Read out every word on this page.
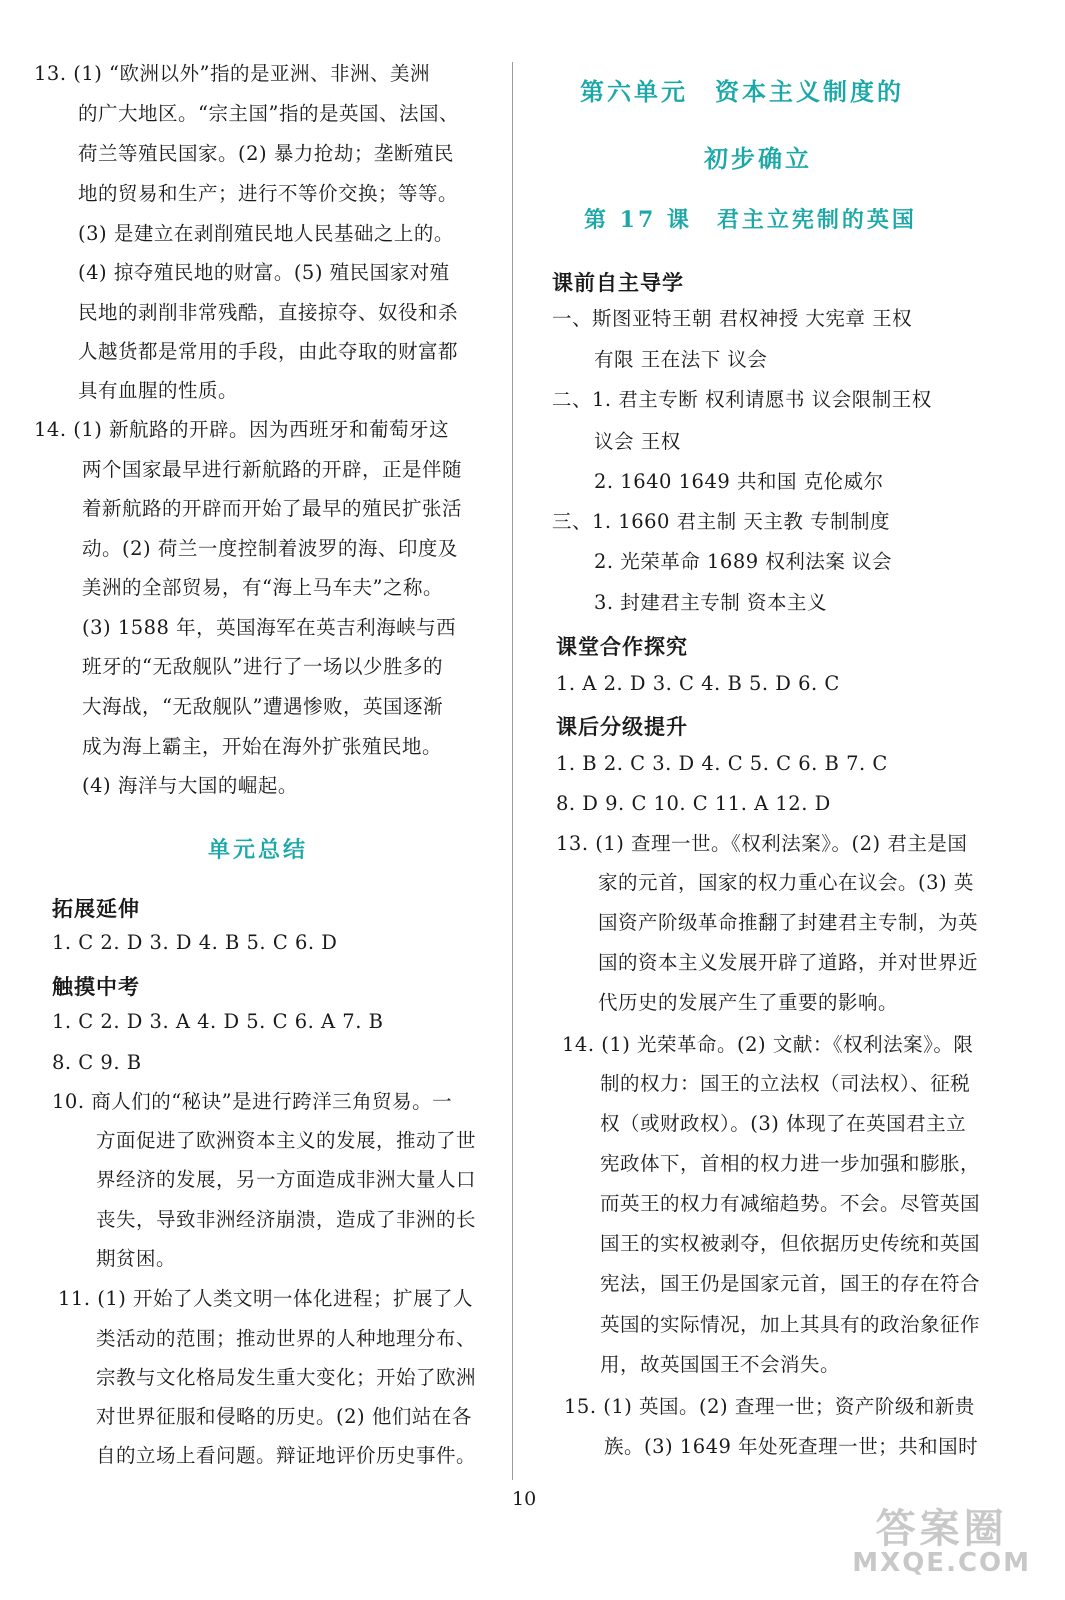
10
答案圈
MXQE.COM
13. (1) “欧洲以外”指的是亚洲、非洲、美洲
的广大地区。“宗主国”指的是英国、法国、
荷兰等殖民国家。(2) 暴力抢劫；垄断殖民
地的贸易和生产；进行不等价交换；等等。
(3) 是建立在剥削殖民地人民基础之上的。
(4) 掠夺殖民地的财富。(5) 殖民国家对殖
民地的剥削非常残酷，直接掠夺、奴役和杀
人越货都是常用的手段，由此夺取的财富都
具有血腥的性质。
14. (1) 新航路的开辟。因为西班牙和葡萄牙这
两个国家最早进行新航路的开辟，正是伴随
着新航路的开辟而开始了最早的殖民扩张活
动。(2) 荷兰一度控制着波罗的海、印度及
美洲的全部贸易，有“海上马车夫”之称。
(3) 1588 年，英国海军在英吉利海峡与西
班牙的“无敌舰队”进行了一场以少胜多的
大海战，“无敌舰队”遭遇惨败，英国逐渐
成为海上霸主，开始在海外扩张殖民地。
(4) 海洋与大国的崛起。
1. C 2. D 3. D 4. B 5. C 6. D
1. C 2. D 3. A 4. D 5. C 6. A 7. B
8. C 9. B
10. 商人们的“秘诀”是进行跨洋三角贸易。一
方面促进了欧洲资本主义的发展，推动了世
界经济的发展，另一方面造成非洲大量人口
丧失，导致非洲经济崩溃，造成了非洲的长
期贫困。
11. (1) 开始了人类文明一体化进程；扩展了人
类活动的范围；推动世界的人种地理分布、
宗教与文化格局发生重大变化；开始了欧洲
对世界征服和侵略的历史。(2) 他们站在各
自的立场上看问题。辩证地评价历史事件。
单元总结
拓展延伸
触摸中考
第六单元　资本主义制度的
初步确立
第 17 课　君主立宪制的英国
课前自主导学
课堂合作探究
课后分级提升
一、斯图亚特王朝 君权神授 大宪章 王权
有限 王在法下 议会
二、1. 君主专断 权利请愿书 议会限制王权
议会 王权
2. 1640 1649 共和国 克伦威尔
三、1. 1660 君主制 天主教 专制制度
2. 光荣革命 1689 权利法案 议会
3. 封建君主专制 资本主义
1. A 2. D 3. C 4. B 5. D 6. C
1. B 2. C 3. D 4. C 5. C 6. B 7. C
8. D 9. C 10. C 11. A 12. D
13. (1) 查理一世。《权利法案》。(2) 君主是国
家的元首，国家的权力重心在议会。(3) 英
国资产阶级革命推翻了封建君主专制，为英
国的资本主义发展开辟了道路，并对世界近
代历史的发展产生了重要的影响。
14. (1) 光荣革命。(2) 文献：《权利法案》。限
制的权力：国王的立法权（司法权）、征税
权（或财政权）。(3) 体现了在英国君主立
宪政体下，首相的权力进一步加强和膨胀，
而英王的权力有减缩趋势。不会。尽管英国
国王的实权被剥夺，但依据历史传统和英国
宪法，国王仍是国家元首，国王的存在符合
英国的实际情况，加上其具有的政治象征作
用，故英国国王不会消失。
15. (1) 英国。(2) 查理一世；资产阶级和新贵
族。(3) 1649 年处死查理一世；共和国时
